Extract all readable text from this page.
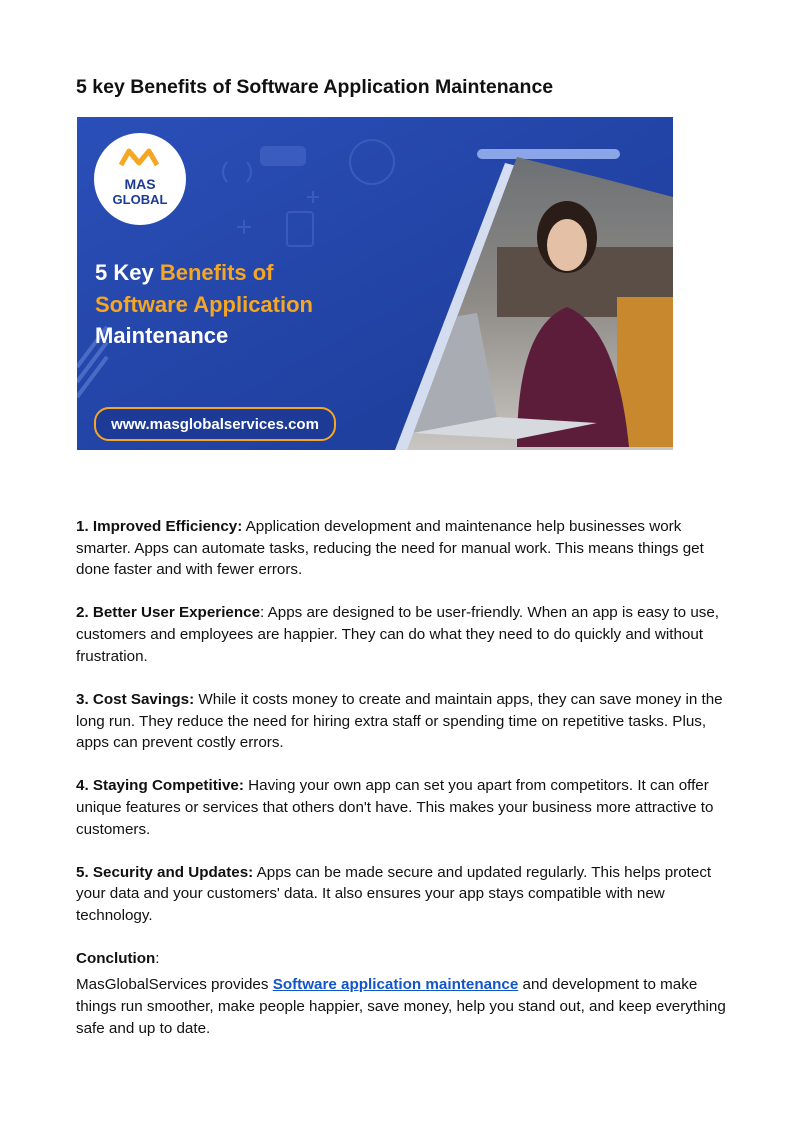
5 key Benefits of Software Application Maintenance
MAS
GLOBAL
5 Key Benefits of
Software Application
Maintenance
www.masglobalservices.com

1. Improved Efficiency: Application development and maintenance help businesses work smarter. Apps can automate tasks, reducing the need for manual work. This means things get done faster and with fewer errors.

2. Better User Experience: Apps are designed to be user-friendly. When an app is easy to use, customers and employees are happier. They can do what they need to do quickly and without frustration.

3. Cost Savings: While it costs money to create and maintain apps, they can save money in the long run. They reduce the need for hiring extra staff or spending time on repetitive tasks. Plus, apps can prevent costly errors.

4. Staying Competitive: Having your own app can set you apart from competitors. It can offer unique features or services that others don't have. This makes your business more attractive to customers.

5. Security and Updates: Apps can be made secure and updated regularly. This helps protect your data and your customers' data. It also ensures your app stays compatible with new technology.

Conclution:

MasGlobalServices provides Software application maintenance and development to make things run smoother, make people happier, save money, help you stand out, and keep everything safe and up to date.
